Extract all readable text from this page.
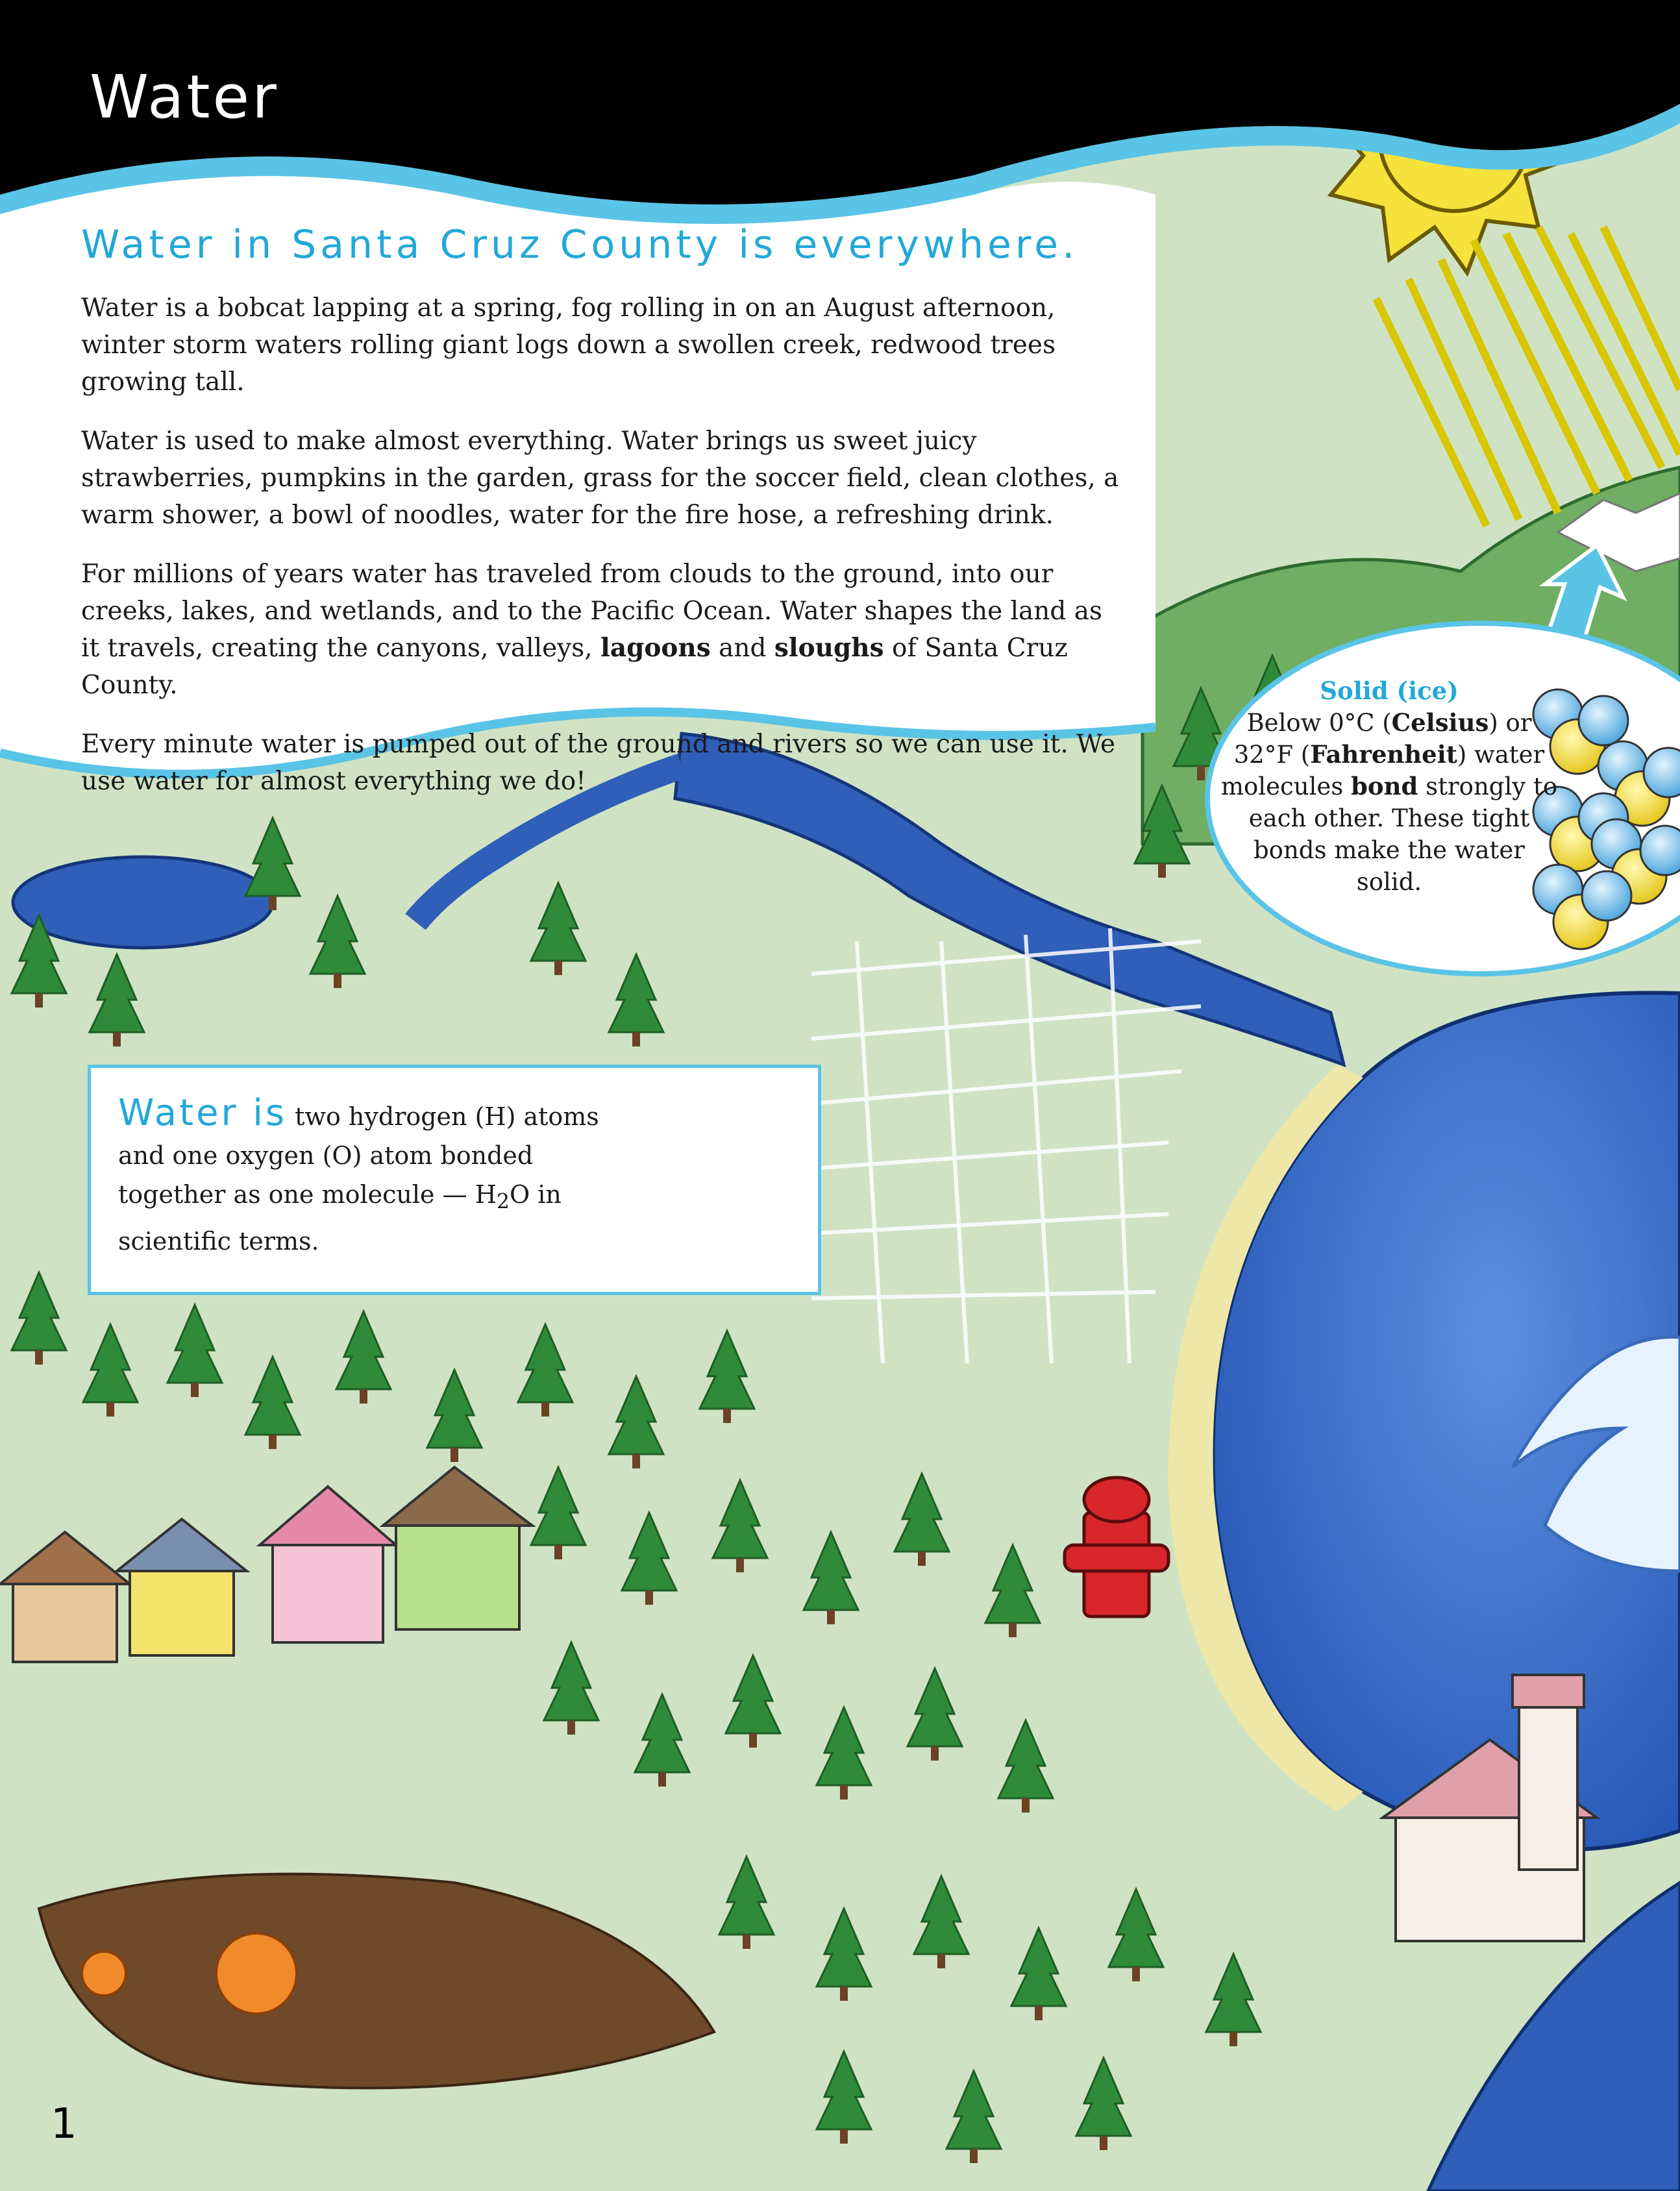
Water
Water in Santa Cruz County is everywhere.

Water is a bobcat lapping at a spring, fog rolling in on an August afternoon, winter storm waters rolling giant logs down a swollen creek, redwood trees growing tall.

Water is used to make almost everything. Water brings us sweet juicy strawberries, pumpkins in the garden, grass for the soccer field, clean clothes, a warm shower, a bowl of noodles, water for the fire hose, a refreshing drink.

For millions of years water has traveled from clouds to the ground, into our creeks, lakes, and wetlands, and to the Pacific Ocean. Water shapes the land as it travels, creating the canyons, valleys, lagoons and sloughs of Santa Cruz County.

Every minute water is pumped out of the ground and rivers so we can use it. We use water for almost everything we do!

Water is two hydrogen (H) atoms and one oxygen (O) atom bonded together as one molecule — $H_2O$ in scientific terms.
Solid (ice)
Below 0°C (Celsius) or 32°F (Fahrenheit) water molecules bond strongly to each other. These tight bonds make the water solid.
1
